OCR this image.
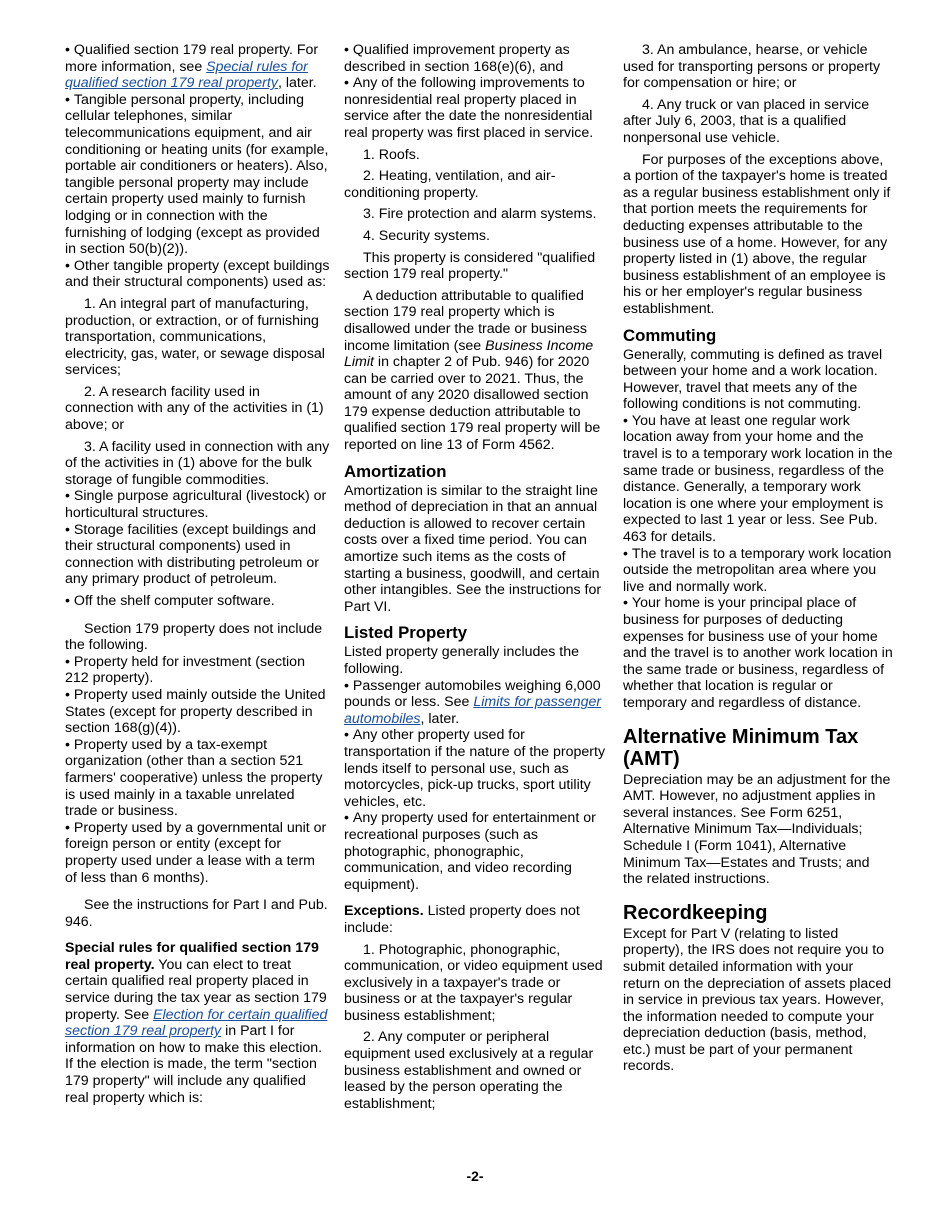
• Qualified section 179 real property. For more information, see Special rules for qualified section 179 real property, later.

• Tangible personal property, including cellular telephones, similar telecommunications equipment, and air conditioning or heating units (for example, portable air conditioners or heaters). Also, tangible personal property may include certain property used mainly to furnish lodging or in connection with the furnishing of lodging (except as provided in section 50(b)(2)).

• Other tangible property (except buildings and their structural components) used as:

1. An integral part of manufacturing, production, or extraction, or of furnishing transportation, communications, electricity, gas, water, or sewage disposal services;

2. A research facility used in connection with any of the activities in (1) above; or

3. A facility used in connection with any of the activities in (1) above for the bulk storage of fungible commodities.

• Single purpose agricultural (livestock) or horticultural structures.

• Storage facilities (except buildings and their structural components) used in connection with distributing petroleum or any primary product of petroleum.

• Off the shelf computer software.

Section 179 property does not include the following.

• Property held for investment (section 212 property).

• Property used mainly outside the United States (except for property described in section 168(g)(4)).

• Property used by a tax-exempt organization (other than a section 521 farmers' cooperative) unless the property is used mainly in a taxable unrelated trade or business.

• Property used by a governmental unit or foreign person or entity (except for property used under a lease with a term of less than 6 months).

See the instructions for Part I and Pub. 946.

Special rules for qualified section 179 real property. You can elect to treat certain qualified real property placed in service during the tax year as section 179 property. See Election for certain qualified section 179 real property in Part I for information on how to make this election. If the election is made, the term "section 179 property" will include any qualified real property which is:

• Qualified improvement property as described in section 168(e)(6), and

• Any of the following improvements to nonresidential real property placed in service after the date the nonresidential real property was first placed in service.

1. Roofs.

2. Heating, ventilation, and air-conditioning property.

3. Fire protection and alarm systems.

4. Security systems.

This property is considered "qualified section 179 real property."

A deduction attributable to qualified section 179 real property which is disallowed under the trade or business income limitation (see Business Income Limit in chapter 2 of Pub. 946) for 2020 can be carried over to 2021. Thus, the amount of any 2020 disallowed section 179 expense deduction attributable to qualified section 179 real property will be reported on line 13 of Form 4562.

Amortization

Amortization is similar to the straight line method of depreciation in that an annual deduction is allowed to recover certain costs over a fixed time period. You can amortize such items as the costs of starting a business, goodwill, and certain other intangibles. See the instructions for Part VI.

Listed Property

Listed property generally includes the following.

• Passenger automobiles weighing 6,000 pounds or less. See Limits for passenger automobiles, later.

• Any other property used for transportation if the nature of the property lends itself to personal use, such as motorcycles, pick-up trucks, sport utility vehicles, etc.

• Any property used for entertainment or recreational purposes (such as photographic, phonographic, communication, and video recording equipment).

Exceptions. Listed property does not include:

1. Photographic, phonographic, communication, or video equipment used exclusively in a taxpayer's trade or business or at the taxpayer's regular business establishment;

2. Any computer or peripheral equipment used exclusively at a regular business establishment and owned or leased by the person operating the establishment;

3. An ambulance, hearse, or vehicle used for transporting persons or property for compensation or hire; or

4. Any truck or van placed in service after July 6, 2003, that is a qualified nonpersonal use vehicle.

For purposes of the exceptions above, a portion of the taxpayer's home is treated as a regular business establishment only if that portion meets the requirements for deducting expenses attributable to the business use of a home. However, for any property listed in (1) above, the regular business establishment of an employee is his or her employer's regular business establishment.

Commuting

Generally, commuting is defined as travel between your home and a work location. However, travel that meets any of the following conditions is not commuting.

• You have at least one regular work location away from your home and the travel is to a temporary work location in the same trade or business, regardless of the distance. Generally, a temporary work location is one where your employment is expected to last 1 year or less. See Pub. 463 for details.

• The travel is to a temporary work location outside the metropolitan area where you live and normally work.

• Your home is your principal place of business for purposes of deducting expenses for business use of your home and the travel is to another work location in the same trade or business, regardless of whether that location is regular or temporary and regardless of distance.

Alternative Minimum Tax (AMT)

Depreciation may be an adjustment for the AMT. However, no adjustment applies in several instances. See Form 6251, Alternative Minimum Tax—Individuals; Schedule I (Form 1041), Alternative Minimum Tax—Estates and Trusts; and the related instructions.

Recordkeeping

Except for Part V (relating to listed property), the IRS does not require you to submit detailed information with your return on the depreciation of assets placed in service in previous tax years. However, the information needed to compute your depreciation deduction (basis, method, etc.) must be part of your permanent records.

-2-
